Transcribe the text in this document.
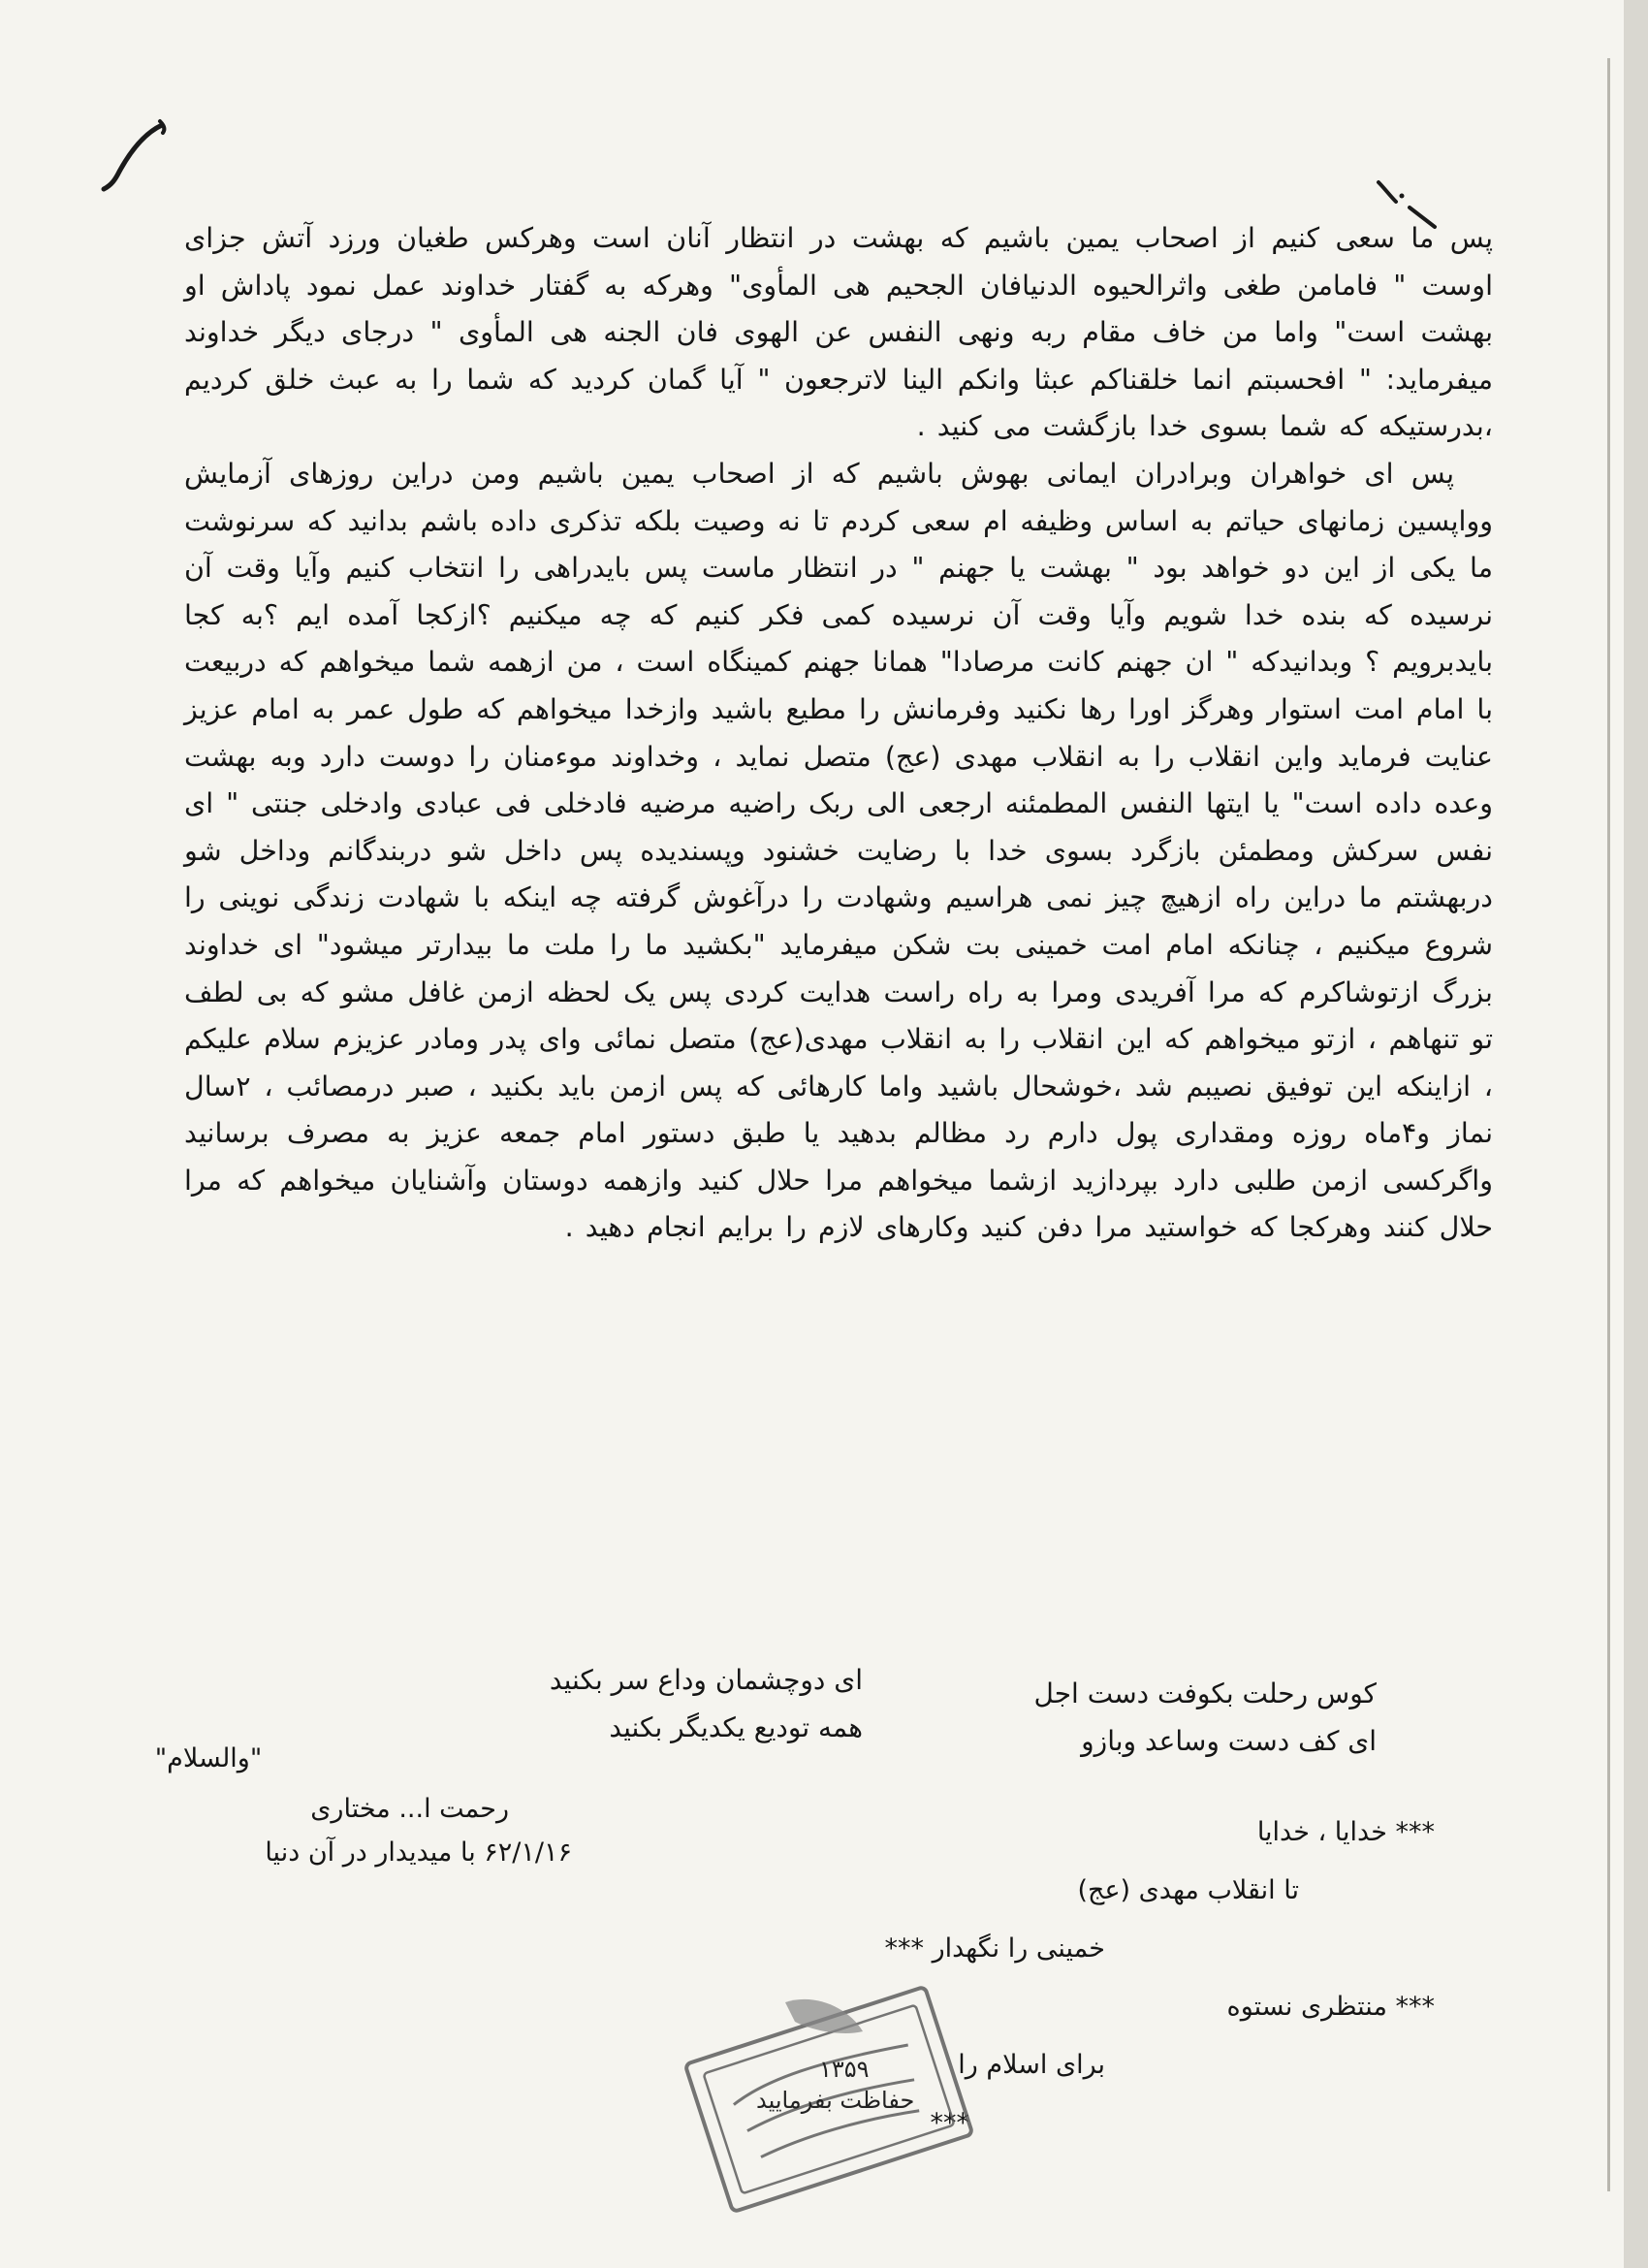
پس ما سعی کنیم از اصحاب یمین باشیم که بهشت در انتظار آنان است وهرکس طغیان ورزد آتش جزای اوست " فامامن طغی واثرالحیوه الدنیافان الجحیم هی المأوی" وهرکه به گفتار خداوند عمل نمود پاداش او بهشت است" واما من خاف مقام ربه ونهی النفس عن الهوی فان الجنه هی المأوی " درجای دیگر خداوند میفرماید: " افحسبتم انما خلقناکم عبثا وانکم الینا لاترجعون " آیا گمان کردید که شما را به عبث خلق کردیم ،بدرستیکه که شما بسوی خدا بازگشت می کنید .

پس ای خواهران وبرادران ایمانی بهوش باشیم که از اصحاب یمین باشیم ومن دراین روزهای آزمایش وواپسین زمانهای حیاتم به اساس وظیفه ام سعی کردم تا نه وصیت بلکه تذکری داده باشم بدانید که سرنوشت ما یکی از این دو خواهد بود " بهشت یا جهنم " در انتظار ماست پس بایدراهی را انتخاب کنیم وآیا وقت آن نرسیده که بنده خدا شویم وآیا وقت آن نرسیده کمی فکر کنیم که چه میکنیم ؟ازکجا آمده ایم ؟به کجا بایدبرویم ؟ وبدانیدکه " ان جهنم کانت مرصادا" همانا جهنم کمینگاه است ، من ازهمه شما میخواهم که دربیعت با امام امت استوار وهرگز اورا رها نکنید وفرمانش را مطیع باشید وازخدا میخواهم که طول عمر به امام عزیز عنایت فرماید واین انقلاب را به انقلاب مهدی (عج) متصل نماید ، وخداوند موءمنان را دوست دارد وبه بهشت وعده داده است" یا ایتها النفس المطمئنه ارجعی الی ربک راضیه مرضیه فادخلی فی عبادی وادخلی جنتی " ای نفس سرکش ومطمئن بازگرد بسوی خدا با رضایت خشنود وپسندیده پس داخل شو دربندگانم وداخل شو دربهشتم ما دراین راه ازهیچ چیز نمی هراسیم وشهادت را درآغوش گرفته چه اینکه با شهادت زندگی نوینی را شروع میکنیم ، چنانکه امام امت خمینی بت شکن میفرماید "بکشید ما را ملت ما بیدارتر میشود" ای خداوند بزرگ ازتوشاکرم که مرا آفریدی ومرا به راه راست هدایت کردی پس یک لحظه ازمن غافل مشو که بی لطف تو تنهاهم ، ازتو میخواهم که این انقلاب را به انقلاب مهدی(عج) متصل نمائی وای پدر ومادر عزیزم سلام علیکم ، ازاینکه این توفیق نصیبم شد ،خوشحال باشید واما کارهائی که پس ازمن باید بکنید ، صبر درمصائب ، ۲سال نماز و۴ماه روزه ومقداری پول دارم رد مظالم بدهید یا طبق دستور امام جمعه عزیز به مصرف برسانید واگرکسی ازمن طلبی دارد بپردازید ازشما میخواهم مرا حلال کنید وازهمه دوستان وآشنایان میخواهم که مرا حلال کنند وهرکجا که خواستید مرا دفن کنید وکارهای لازم را برایم انجام دهید .

کوس رحلت بکوفت دست اجل
ای کف دست وساعد وبازو
ای دوچشمان وداع سر بکنید
همه تودیع یکدیگر بکنید
"والسلام"
رحمت ا... مختاری
۶۲/۱/۱۶ با میدیدار در آن دنیا
*** خدایا ، خدایا
تا انقلاب مهدی (عج)
خمینی را نگهدار ***
*** منتظری نستوه
برای اسلام را
***
۱۳۵۹
حفاظت بفرمایید
